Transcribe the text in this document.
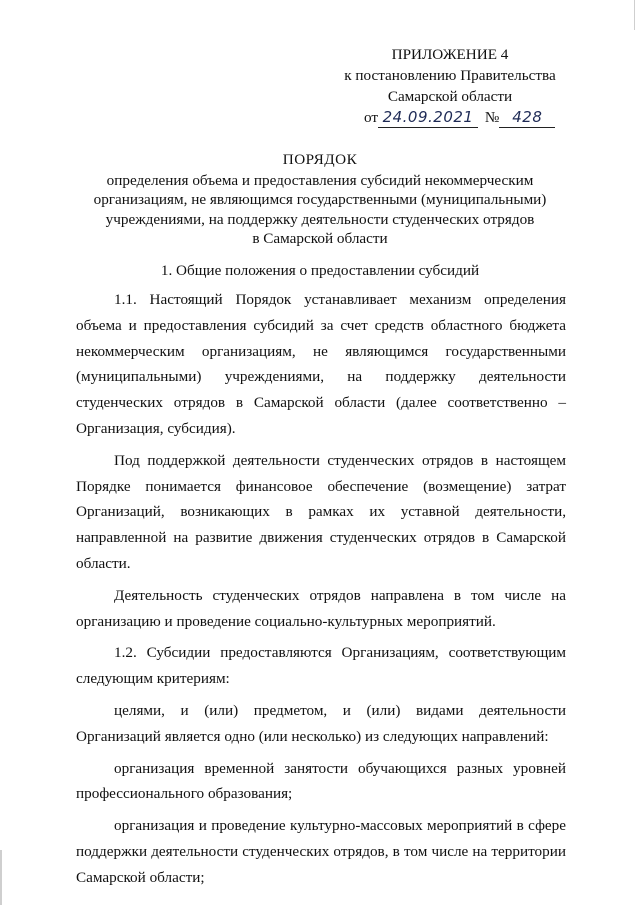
ПРИЛОЖЕНИЕ 4
к постановлению Правительства
Самарской области
от 24.09.2021 № 428
ПОРЯДОК
определения объема и предоставления субсидий некоммерческим
организациям, не являющимся государственными (муниципальными)
учреждениями, на поддержку деятельности студенческих отрядов
в Самарской области
1. Общие положения о предоставлении субсидий

1.1. Настоящий Порядок устанавливает механизм определения объема и предоставления субсидий за счет средств областного бюджета некоммерческим организациям, не являющимся государственными (муниципальными) учреждениями, на поддержку деятельности студенческих отрядов в Самарской области (далее соответственно – Организация, субсидия).

Под поддержкой деятельности студенческих отрядов в настоящем Порядке понимается финансовое обеспечение (возмещение) затрат Организаций, возникающих в рамках их уставной деятельности, направленной на развитие движения студенческих отрядов в Самарской области.

Деятельность студенческих отрядов направлена в том числе на организацию и проведение социально-культурных мероприятий.

1.2. Субсидии предоставляются Организациям, соответствующим следующим критериям:

целями, и (или) предметом, и (или) видами деятельности Организаций является одно (или несколько) из следующих направлений:

организация временной занятости обучающихся разных уровней профессионального образования;

организация и проведение культурно-массовых мероприятий в сфере поддержки деятельности студенческих отрядов, в том числе на территории Самарской области;
